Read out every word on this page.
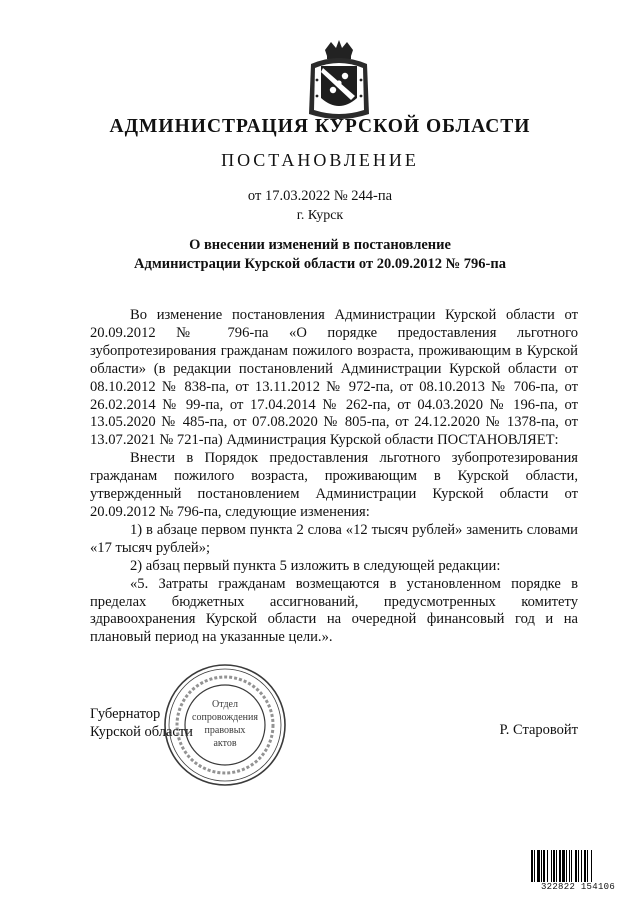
АДМИНИСТРАЦИЯ КУРСКОЙ ОБЛАСТИ
ПОСТАНОВЛЕНИЕ
от 17.03.2022 № 244-па
г. Курск
О внесении изменений в постановление
Администрации Курской области от 20.09.2012 № 796-па

Во изменение постановления Администрации Курской области от 20.09.2012 № 796-па «О порядке предоставления льготного зубопротезирования гражданам пожилого возраста, проживающим в Курской области» (в редакции постановлений Администрации Курской области от 08.10.2012 № 838-па, от 13.11.2012 № 972-па, от 08.10.2013 № 706-па, от 26.02.2014 № 99-па, от 17.04.2014 № 262-па, от 04.03.2020 № 196-па, от 13.05.2020 № 485-па, от 07.08.2020 № 805-па, от 24.12.2020 № 1378-па, от 13.07.2021 № 721-па) Администрация Курской области ПОСТАНОВЛЯЕТ:

Внести в Порядок предоставления льготного зубопротезирования гражданам пожилого возраста, проживающим в Курской области, утвержденный постановлением Администрации Курской области от 20.09.2012 № 796-па, следующие изменения:

1) в абзаце первом пункта 2 слова «12 тысяч рублей» заменить словами «17 тысяч рублей»;

2) абзац первый пункта 5 изложить в следующей редакции:

«5. Затраты гражданам возмещаются в установленном порядке в пределах бюджетных ассигнований, предусмотренных комитету здравоохранения Курской области на очередной финансовый год и на плановый период на указанные цели.».

Губернатор
Курской области	Р. Старовойт
Отдел
сопровождения
правовых
актов
322822 154106
